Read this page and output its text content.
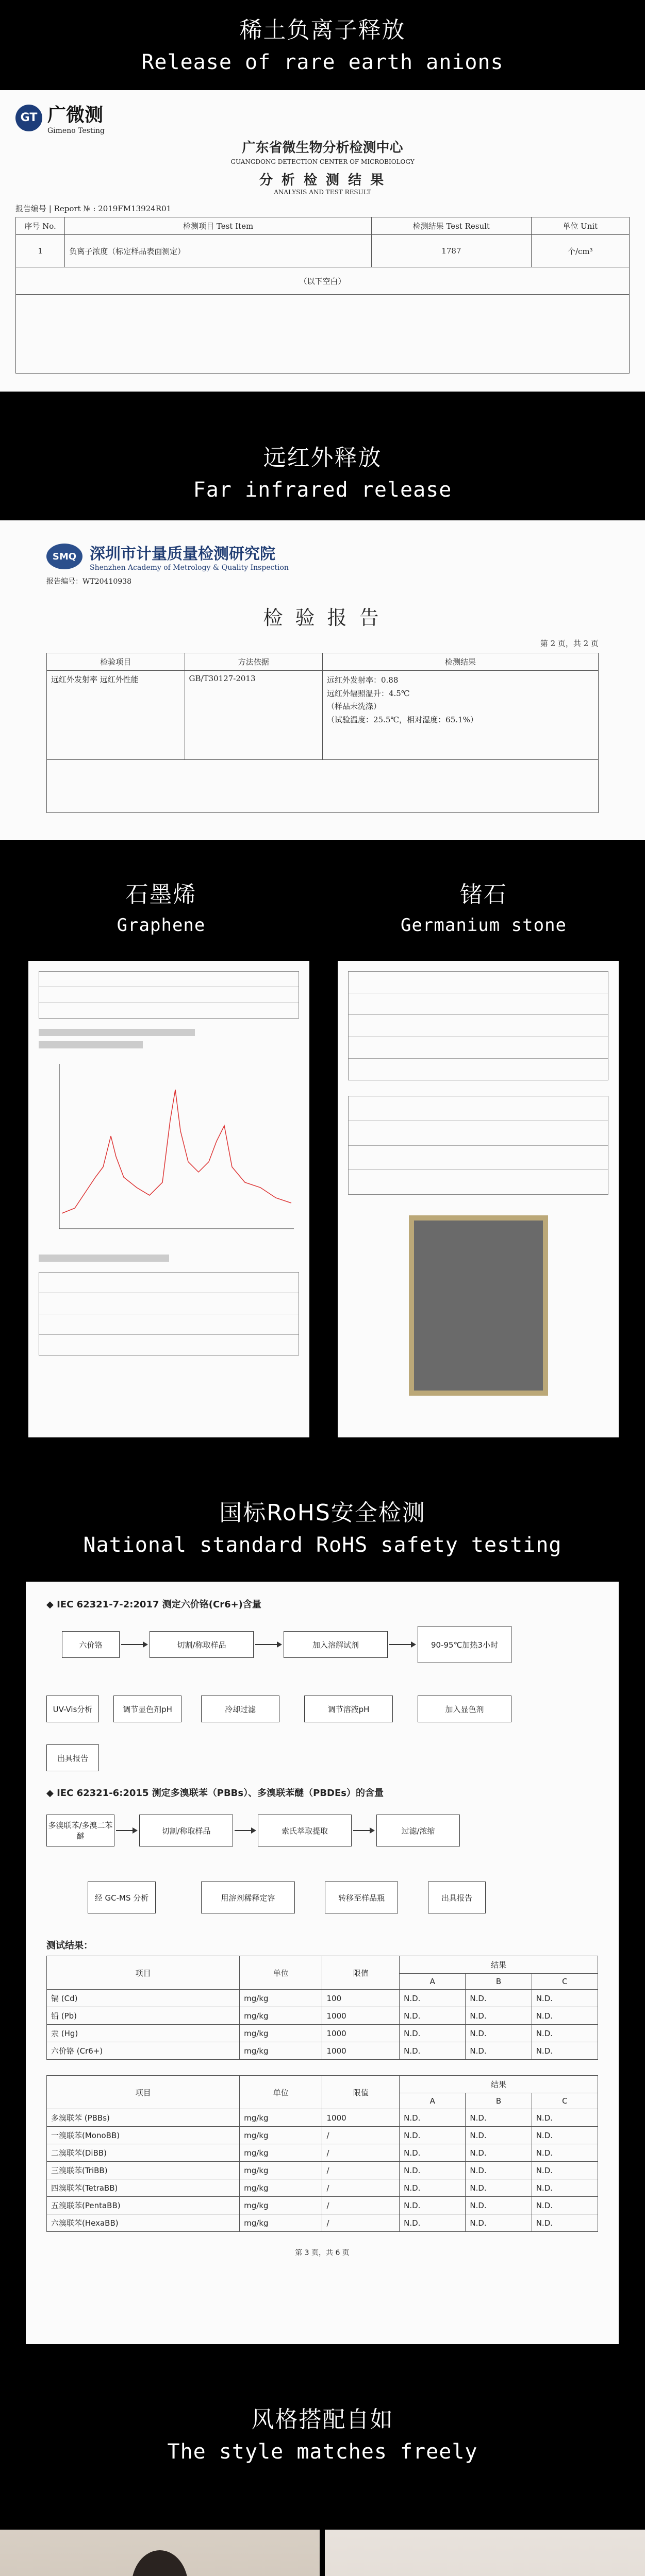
稀土负离子释放
Release of rare earth anions
GT 广微测
Gimeno Testing
广东省微生物分析检测中心
GUANGDONG DETECTION CENTER OF MICROBIOLOGY
分 析 检 测 结 果
ANALYSIS AND TEST RESULT
报告编号 | Report № : 2019FM13924R01
序号 No.	检测项目 Test Item	检测结果 Test Result	单位 Unit
1	负离子浓度（标定样品表面测定）	1787	个/cm³
（以下空白）			

远红外释放
Far infrared release
SMQ 深圳市计量质量检测研究院
Shenzhen Academy of Metrology & Quality Inspection
报告编号：WT20410938
检 验 报 告
第 2 页，共 2 页
检验项目	方法依据	检测结果
远红外发射率 远红外性能	GB/T30127-2013	远红外发射率：0.88
远红外辐照温升：4.5℃
（样品未洗涤）
（试验温度：25.5℃，相对湿度：65.1%）

石墨烯
Graphene
锗石
Germanium stone
国标RoHS安全检测
National standard RoHS safety testing
◆ IEC 62321-7-2:2017 测定六价铬(Cr6+)含量
六价铬	切割/称取样品	加入溶解试剂	90-95℃加热3小时
加入显色剂
调节溶液pH
冷却过滤
调节显色剂pH
UV-Vis分析
出具报告
◆ IEC 62321-6:2015 测定多溴联苯（PBBs）、多溴联苯醚（PBDEs）的含量
多溴联苯/多溴二苯醚
切割/称取样品	索氏萃取提取	过滤/浓缩
经 GC-MS 分析	用溶剂稀释定容	转移至样品瓶	出具报告
测试结果：
项目	单位	限值	结果		
			A	B	C
镉 (Cd)	mg/kg	100	N.D.	N.D.	N.D.
铅 (Pb)	mg/kg	1000	N.D.	N.D.	N.D.
汞 (Hg)	mg/kg	1000	N.D.	N.D.	N.D.
六价铬 (Cr6+)	mg/kg	1000	N.D.	N.D.	N.D.
项目	单位	限值	结果		
			A	B	C
多溴联苯 (PBBs)	mg/kg	1000	N.D.	N.D.	N.D.
一溴联苯(MonoBB)	mg/kg	/	N.D.	N.D.	N.D.
二溴联苯(DiBB)	mg/kg	/	N.D.	N.D.	N.D.
三溴联苯(TriBB)	mg/kg	/	N.D.	N.D.	N.D.
四溴联苯(TetraBB)	mg/kg	/	N.D.	N.D.	N.D.
五溴联苯(PentaBB)	mg/kg	/	N.D.	N.D.	N.D.
六溴联苯(HexaBB)	mg/kg	/	N.D.	N.D.	N.D.
第 3 页，共 6 页
风格搭配自如
The style matches freely
